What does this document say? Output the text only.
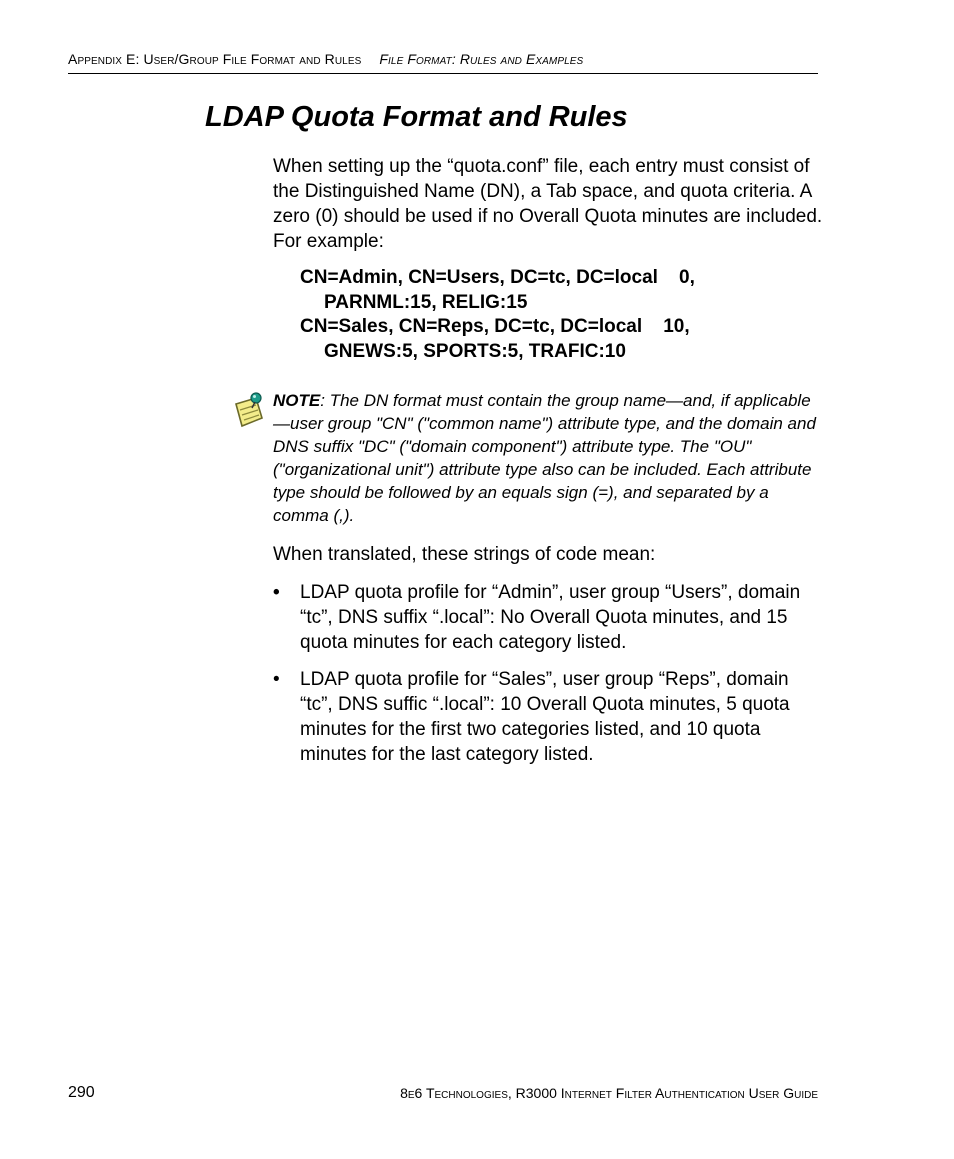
Appendix E: User/Group File Format and Rules File Format: Rules and Examples
LDAP Quota Format and Rules

When setting up the “quota.conf” file, each entry must consist of the Distinguished Name (DN), a Tab space, and quota criteria. A zero (0) should be used if no Overall Quota minutes are included. For example:

CN=Admin, CN=Users, DC=tc, DC=local    0,
PARNML:15, RELIG:15
CN=Sales, CN=Reps, DC=tc, DC=local    10,
GNEWS:5, SPORTS:5, TRAFIC:10

NOTE: The DN format must contain the group name—and, if applicable—user group "CN" ("common name") attribute type, and the domain and DNS suffix "DC" ("domain component") attribute type. The "OU" ("organizational unit") attribute type also can be included. Each attribute type should be followed by an equals sign (=), and separated by a comma (,).

When translated, these strings of code mean:

•	LDAP quota profile for “Admin”, user group “Users”, domain “tc”, DNS suffix “.local”: No Overall Quota minutes, and 15 quota minutes for each category listed.
•	LDAP quota profile for “Sales”, user group “Reps”, domain “tc”, DNS suffic “.local”: 10 Overall Quota minutes, 5 quota minutes for the first two categories listed, and 10 quota minutes for the last category listed.
290	8e6 Technologies, R3000 Internet Filter Authentication User Guide
